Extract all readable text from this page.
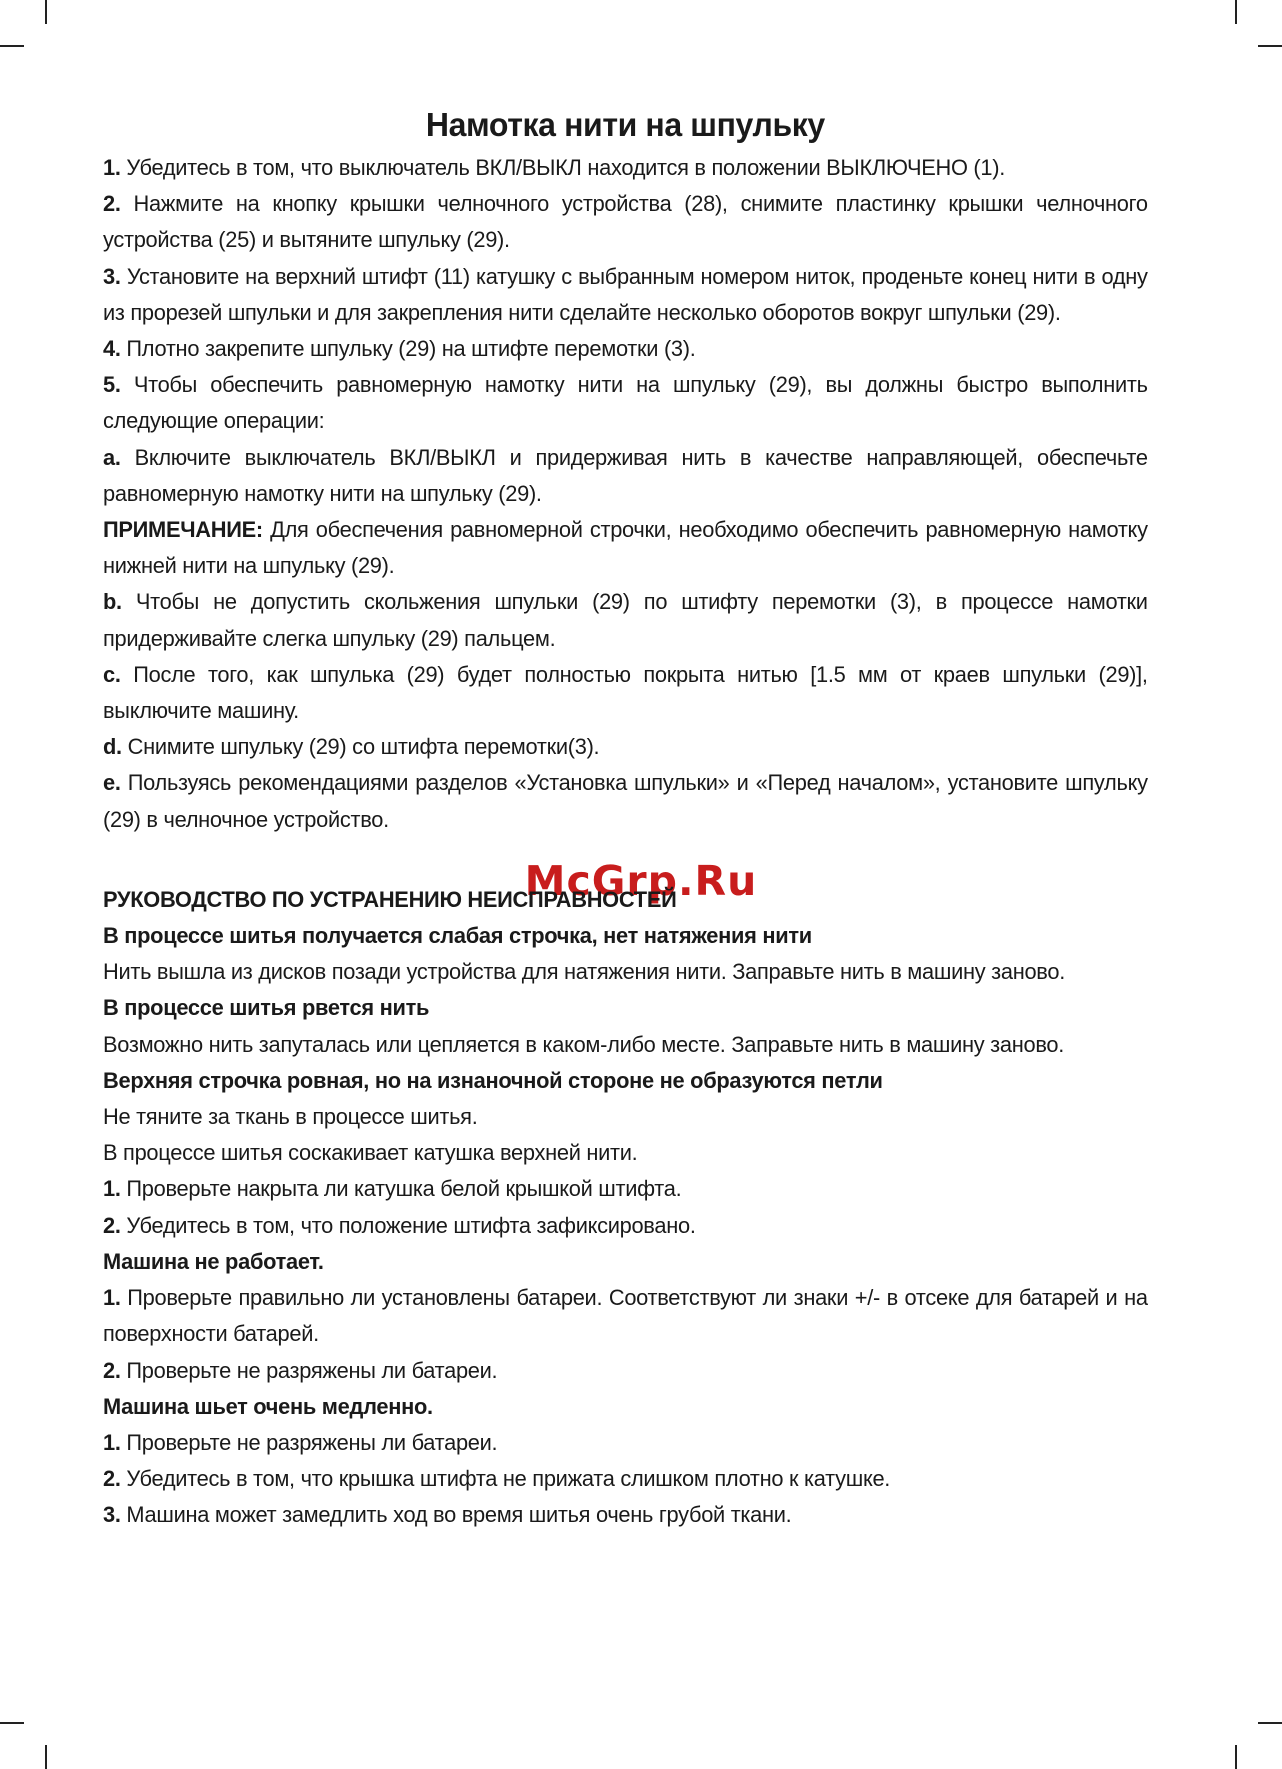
McGrp.Ru
Намотка нити на шпульку

1. Убедитесь в том, что выключатель ВКЛ/ВЫКЛ находится в положении ВЫКЛЮЧЕНО (1).

2. Нажмите на кнопку крышки челночного устройства (28), снимите пластинку крышки челночного устройства (25) и вытяните шпульку (29).

3. Установите на верхний штифт (11) катушку с выбранным номером ниток, проденьте конец нити в одну из прорезей шпульки и для закрепления нити сделайте несколько оборотов вокруг шпульки (29).

4. Плотно закрепите шпульку (29) на штифте перемотки (3).

5. Чтобы обеспечить равномерную намотку нити на шпульку (29), вы должны быстро выполнить следующие операции:

a. Включите выключатель ВКЛ/ВЫКЛ и придерживая нить в качестве направляющей, обеспечьте равномерную намотку нити на шпульку (29).

ПРИМЕЧАНИЕ: Для обеспечения равномерной строчки, необходимо обеспечить равномерную намотку нижней нити на шпульку (29).

b. Чтобы не допустить скольжения шпульки (29) по штифту перемотки (3), в процессе намотки придерживайте слегка шпульку (29) пальцем.

c. После того, как шпулька (29) будет полностью покрыта нитью [1.5 мм от краев шпульки (29)], выключите машину.

d. Снимите шпульку (29) со штифта перемотки(3).

e. Пользуясь рекомендациями разделов «Установка шпульки» и «Перед началом», установите шпульку (29) в челночное устройство.

РУКОВОДСТВО ПО УСТРАНЕНИЮ НЕИСПРАВНОСТЕЙ

В процессе шитья получается слабая строчка, нет натяжения нити

Нить вышла из дисков позади устройства для натяжения нити. Заправьте нить в машину заново.

В процессе шитья рвется нить

Возможно нить запуталась или цепляется в каком-либо месте. Заправьте нить в машину заново.

Верхняя строчка ровная, но на изнаночной стороне не образуются петли

Не тяните за ткань в процессе шитья.

В процессе шитья соскакивает катушка верхней нити.

1. Проверьте накрыта ли катушка белой крышкой штифта.

2. Убедитесь в том, что положение штифта зафиксировано.

Машина не работает.

1. Проверьте правильно ли установлены батареи. Соответствуют ли знаки +/- в отсеке для батарей и на поверхности батарей.

2. Проверьте не разряжены ли батареи.

Машина шьет очень медленно.

1. Проверьте не разряжены ли батареи.

2. Убедитесь в том, что крышка штифта не прижата слишком плотно к катушке.

3. Машина может замедлить ход во время шитья очень грубой ткани.
